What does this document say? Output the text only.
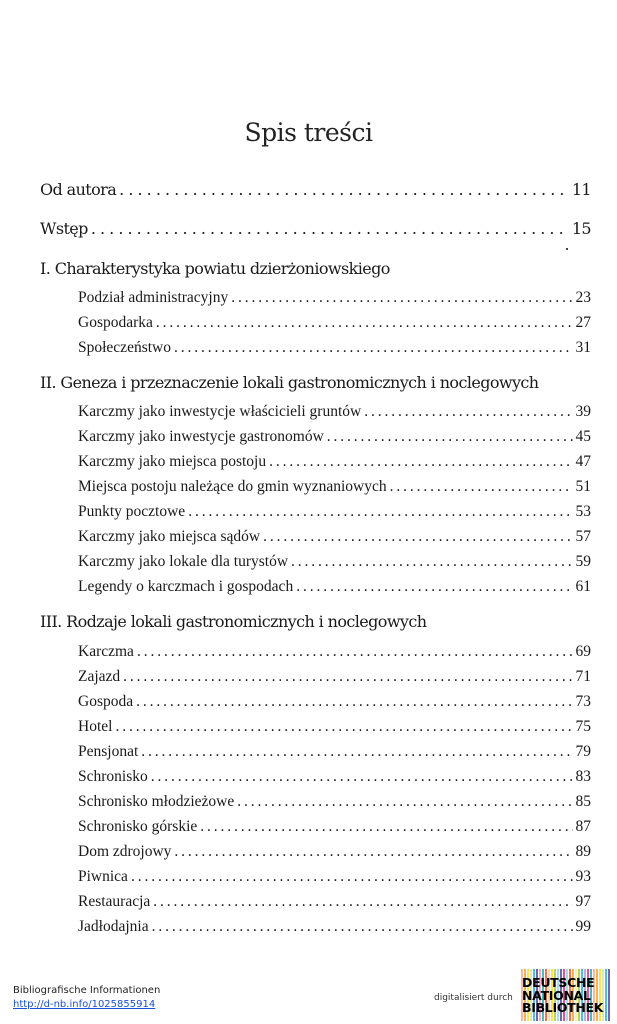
Spis treści
Od autora . . .	11
Wstęp . . .	15
I. Charakterystyka powiatu dzierżoniowskiego
Podział administracyjny . . .	23
Gospodarka . . .	27
Społeczeństwo . . .	31
II. Geneza i przeznaczenie lokali gastronomicznych i noclegowych
Karczmy jako inwestycje właścicieli gruntów . . .	39
Karczmy jako inwestycje gastronomów . . .	45
Karczmy jako miejsca postoju . . .	47
Miejsca postoju należące do gmin wyznaniowych . . .	51
Punkty pocztowe . . .	53
Karczmy jako miejsca sądów . . .	57
Karczmy jako lokale dla turystów . . .	59
Legendy o karczmach i gospodach . . .	61
III. Rodzaje lokali gastronomicznych i noclegowych
Karczma . . .	69
Zajazd . . .	71
Gospoda . . .	73
Hotel . . .	75
Pensjonat . . .	79
Schronisko . . .	83
Schronisko młodzieżowe . . .	85
Schronisko górskie . . .	87
Dom zdrojowy . . .	89
Piwnica . . .	93
Restauracja . . .	97
Jadłodajnia . . .	99
Bibliografische Informationen
http://d-nb.info/1025855914
digitalisiert durch
DEUTSCHE
NATIONAL
BIBLIOTHEK
